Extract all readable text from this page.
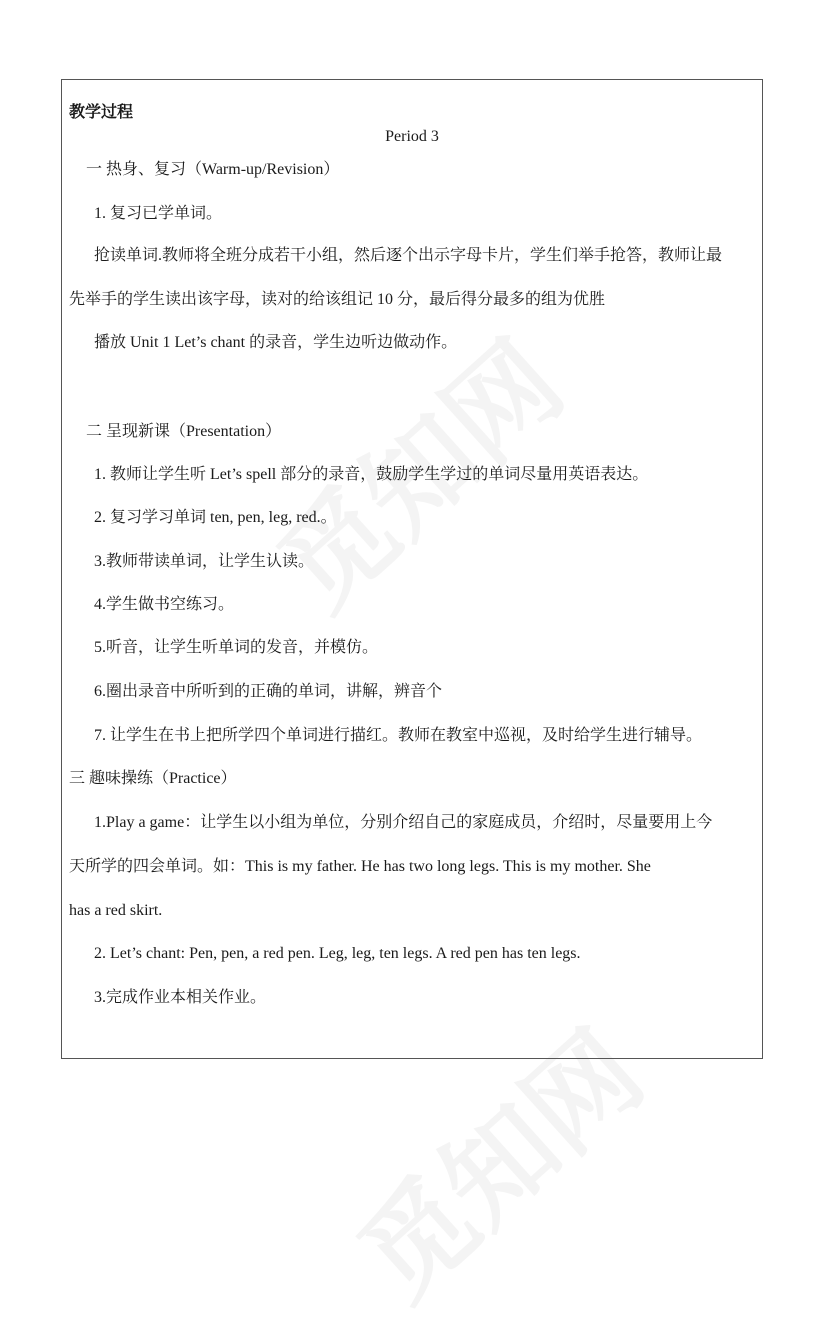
教学过程
Period 3
一 热身、复习（Warm-up/Revision）
1. 复习已学单词。
抢读单词.教师将全班分成若干小组，然后逐个出示字母卡片，学生们举手抢答，教师让最
先举手的学生读出该字母，读对的给该组记 10 分，最后得分最多的组为优胜
播放 Unit 1 Let’s chant 的录音，学生边听边做动作。
二 呈现新课（Presentation）
1. 教师让学生听 Let’s spell 部分的录音，鼓励学生学过的单词尽量用英语表达。
2. 复习学习单词 ten, pen, leg, red.。
3.教师带读单词，让学生认读。
4.学生做书空练习。
5.听音，让学生听单词的发音，并模仿。
6.圈出录音中所听到的正确的单词，讲解，辨音个
7. 让学生在书上把所学四个单词进行描红。教师在教室中巡视，及时给学生进行辅导。
三 趣味操练（Practice）
1.Play a game：让学生以小组为单位，分别介绍自己的家庭成员，介绍时，尽量要用上今
天所学的四会单词。如：This is my father. He has two long legs. This is my mother. She
has a red skirt.
2. Let’s chant: Pen, pen, a red pen. Leg, leg, ten legs. A red pen has ten legs.
3.完成作业本相关作业。
